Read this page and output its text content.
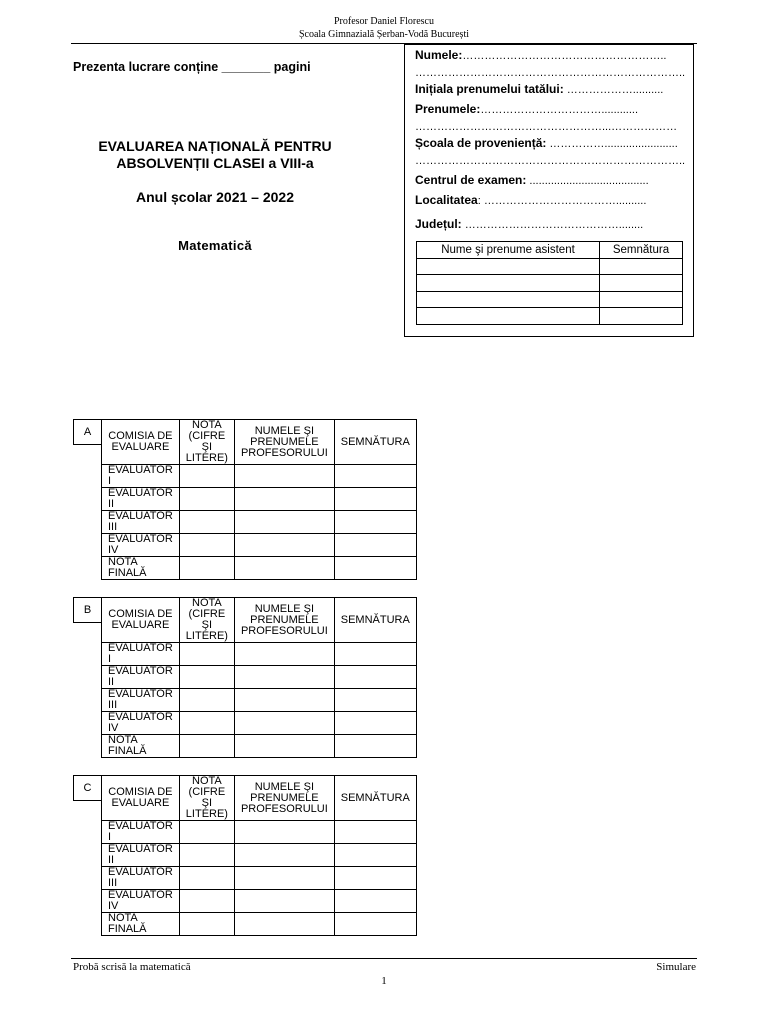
Profesor Daniel Florescu
Școala Gimnazială Șerban-Vodă București
Prezenta lucrare conține _______ pagini
EVALUAREA NAȚIONALĂ PENTRU
ABSOLVENȚII CLASEI a VIII-a
Anul școlar 2021 – 2022
Matematică
Numele:………………………………………………..
………………………………………………………………..
Inițiala prenumelui tatălui: ………………..........
Prenumele:……………………………............
……………………………………………...………………
Școala de proveniență: ……………........................
………………………………………………………………..
Centrul de examen: .......................................
Localitatea: ………………………………..........
Județul: ……………………………………........
Nume şi prenume asistent	Semnătura

A	COMISIA DE EVALUARE	NOTA (CIFRE ŞI LITERE)	NUMELE ŞI PRENUMELE PROFESORULUI	SEMNĂTURA
EVALUATOR I			
EVALUATOR II			
EVALUATOR III			
EVALUATOR IV			
NOTA FINALĂ			
B	COMISIA DE EVALUARE	NOTA (CIFRE ŞI LITERE)	NUMELE ŞI PRENUMELE PROFESORULUI	SEMNĂTURA
EVALUATOR I			
EVALUATOR II			
EVALUATOR III			
EVALUATOR IV			
NOTA FINALĂ			
C	COMISIA DE EVALUARE	NOTA (CIFRE ŞI LITERE)	NUMELE ŞI PRENUMELE PROFESORULUI	SEMNĂTURA
EVALUATOR I			
EVALUATOR II			
EVALUATOR III			
EVALUATOR IV			
NOTA FINALĂ			
Probă scrisă la matematică	Simulare
1
